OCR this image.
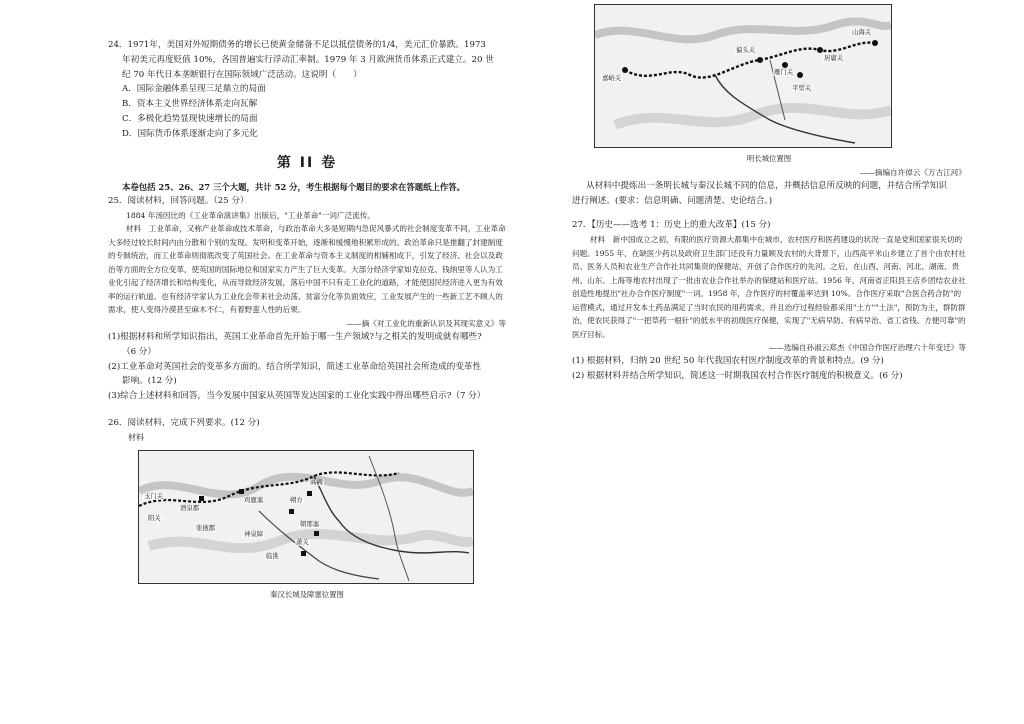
24．1971年，美国对外短期债务的增长已使黄金储备不足以抵偿债务的1/4，美元汇价暴跌。1973

年初美元再度贬值 10%，各国普遍实行浮动汇率制。1979 年 3 月欧洲货币体系正式建立。20 世

纪 70 年代日本垄断银行在国际领域广泛活动。这说明（　　）

A．国际金融体系呈现三足鼎立的局面

B．资本主义世界经济体系走向瓦解

C．多极化趋势显现快速增长的局面

D．国际货币体系逐渐走向了多元化

第 II 卷

本卷包括 25、26、27 三个大题，共计 52 分，考生根据每个题目的要求在答题纸上作答。

25．阅读材料，回答问题。（25 分）

1884 年汤因比的《工业革命演讲集》出版后，"工业革命"一词广泛流传。

材料　工业革命，又称产业革命或技术革命，与政治革命大多是短期内急促风暴式的社会制度变革不同，工业革命大多经过较长时间内由分散和个别的发现、发明和变革开始，逐渐和缓慢地积累形成的。政治革命只是推翻了封建制度的专制统治，而工业革命则彻底改变了英国社会。在工业革命与资本主义制度的相辅相成下，引发了经济、社会以及政治等方面的全方位变革，使英国的国际地位和国家实力产生了巨大变革。大部分经济学家如克拉克、钱纳里等人认为工业化引起了经济增长和结构变化，从而导致经济发展，落后中国不只有走工业化的道路，才能使国民经济进入更为有效率的运行轨道。也有经济学家认为工业化会带来社会动荡、贫富分化等负面效应，工业发展产生的一些新工艺不顾人的需求，使人变得冷漠甚至麻木不仁，有着野蛮人性的后果。

——摘《对工业化的重新认识及其现实意义》等

(1)根据材料和所学知识指出，英国工业革命首先开始于哪一生产领域?与之相关的发明成就有哪些?

（6 分）

(2)工业革命对英国社会的变革多方面的。结合所学知识，简述工业革命给英国社会所造成的变革性

影响。(12 分)

(3)综合上述材料和回答，当今发展中国家从英国等发达国家的工业化实践中得出哪些启示?（7 分）

26．阅读材料，完成下列要求。(12 分)

材料

玉门关
阳关
酒泉郡
张掖郡
鸡鹿塞	朔方
高阙
朝那塞
萧关
神泉障
临洮

秦汉长城及障塞位置图

嘉峪关
居庸关
山海关
偏头关
雁门关
平型关

明长城位置图

——摘编自许倬云《万古江河》

从材料中提炼出一条明长城与秦汉长城不同的信息，并概括信息所反映的问题，并结合所学知识

进行阐述。(要求：信息明确、问题清楚、史论结合。)

27．【历史——选考 1：历史上的重大改革】(15 分)

材料　新中国成立之初，有限的医疗资源大都集中在城市，农村医疗和医药建设的状况一直是党和国家很关切的问题。1955 年，在缺医少药以及政府卫生部门还没有力量顾及农村的大背景下，山西高平米山乡建立了首个由农村社员、医务人员和农业生产合作社共同集资的保健站，开创了合作医疗的先河。之后，在山西、河南、河北、湖南、贵州、山东、上海等地农村出现了一批由农业合作社举办的保健站和医疗站。1956 年，河南省正阳县王店乡团结农业社创造性地提出"社办合作医疗制度"一词。1958 年，合作医疗的村覆盖率达到 10%。合作医疗采取"合医合药合防"的运营模式，通过开发本土药品满足了当时农民的用药需求，并且治疗过程经验都采用"土方""土法"，预防为主，群防群治，使农民获得了"一把草药一根针"的低水平的初级医疗保健，实现了"无病早防、有病早治、省工省钱、方便可靠"的医疗目标。

——选编自孙淑云郑杰《中国合作医疗治理六十年变迁》等

(1) 根据材料，归纳 20 世纪 50 年代我国农村医疗制度改革的背景和特点。(9 分)

(2) 根据材料并结合所学知识，简述这一时期我国农村合作医疗制度的积极意义。(6 分)
